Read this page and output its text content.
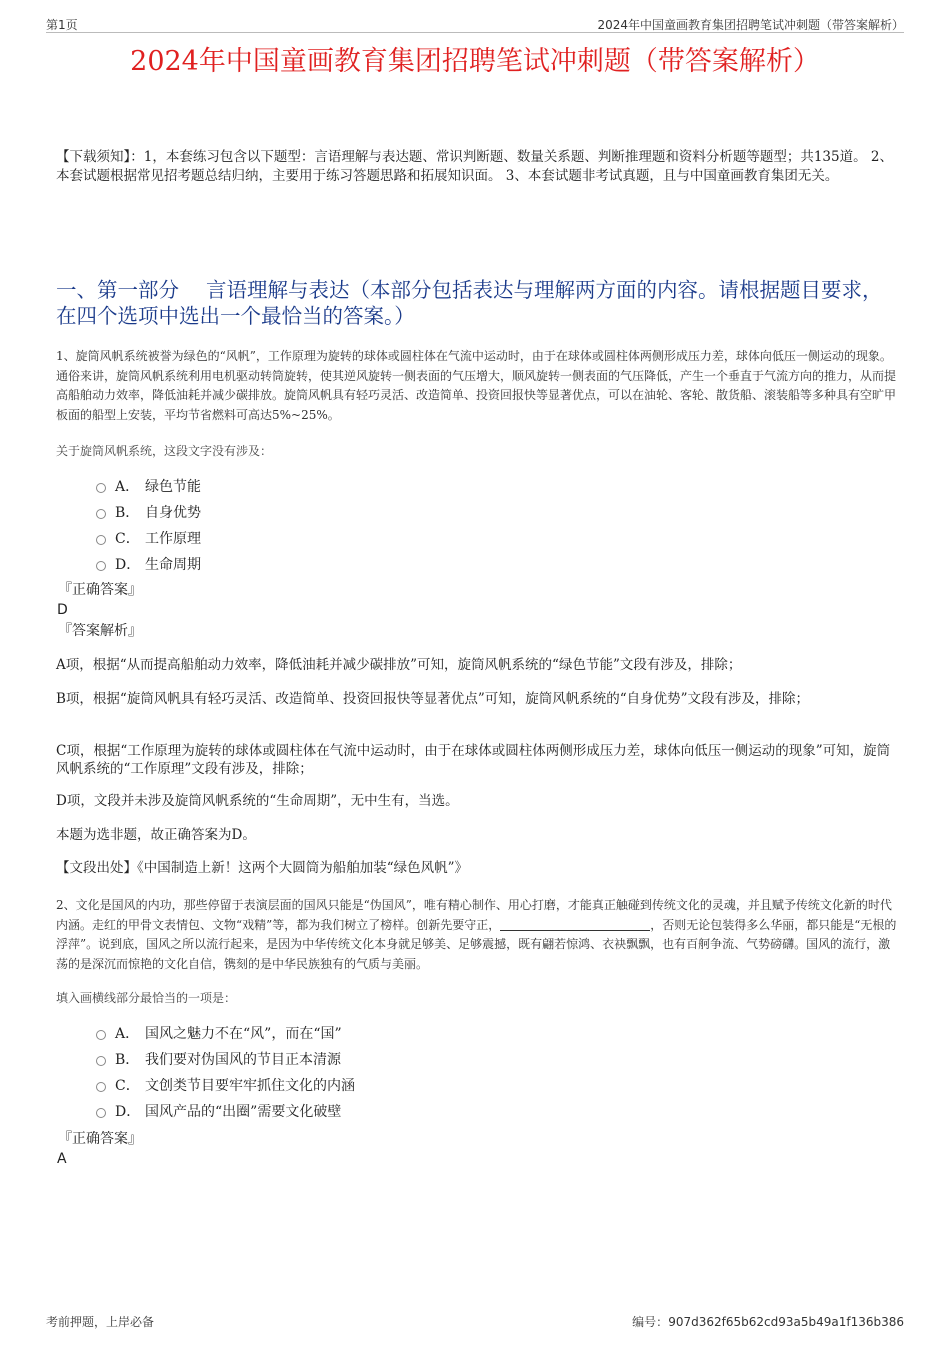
第1页	2024年中国童画教育集团招聘笔试冲刺题（带答案解析）
2024年中国童画教育集团招聘笔试冲刺题（带答案解析）
【下载须知】：1，本套练习包含以下题型：言语理解与表达题、常识判断题、数量关系题、判断推理题和资料分析题等题型；共135道。 2、本套试题根据常见招考题总结归纳，主要用于练习答题思路和拓展知识面。 3、本套试题非考试真题，且与中国童画教育集团无关。
一、第一部分　 言语理解与表达（本部分包括表达与理解两方面的内容。请根据题目要求，在四个选项中选出一个最恰当的答案。）
1、旋筒风帆系统被誉为绿色的“风帆”，工作原理为旋转的球体或圆柱体在气流中运动时，由于在球体或圆柱体两侧形成压力差，球体向低压一侧运动的现象。通俗来讲，旋筒风帆系统利用电机驱动转筒旋转，使其逆风旋转一侧表面的气压增大，顺风旋转一侧表面的气压降低，产生一个垂直于气流方向的推力，从而提高船舶动力效率，降低油耗并减少碳排放。旋筒风帆具有轻巧灵活、改造简单、投资回报快等显著优点，可以在油轮、客轮、散货船、滚装船等多种具有空旷甲板面的船型上安装，平均节省燃料可高达5%~25%。
关于旋筒风帆系统，这段文字没有涉及：
A． 绿色节能
B． 自身优势
C． 工作原理
D． 生命周期
『正确答案』
D
『答案解析』
A项，根据“从而提高船舶动力效率，降低油耗并减少碳排放”可知，旋筒风帆系统的“绿色节能”文段有涉及，排除；
B项，根据“旋筒风帆具有轻巧灵活、改造简单、投资回报快等显著优点”可知，旋筒风帆系统的“自身优势”文段有涉及，排除；
C项，根据“工作原理为旋转的球体或圆柱体在气流中运动时，由于在球体或圆柱体两侧形成压力差，球体向低压一侧运动的现象”可知，旋筒风帆系统的“工作原理”文段有涉及，排除；
D项，文段并未涉及旋筒风帆系统的“生命周期”，无中生有，当选。
本题为选非题，故正确答案为D。
【文段出处】《中国制造上新！这两个大圆筒为船舶加装“绿色风帆”》
2、文化是国风的内功，那些停留于表演层面的国风只能是“伪国风”，唯有精心制作、用心打磨，才能真正触碰到传统文化的灵魂，并且赋予传统文化新的时代内涵。走红的甲骨文表情包、文物“戏精”等，都为我们树立了榜样。创新先要守正，	，否则无论包装得多么华丽，都只能是“无根的浮萍”。说到底，国风之所以流行起来，是因为中华传统文化本身就足够美、足够震撼，既有翩若惊鸿、衣袂飘飘，也有百舸争流、气势磅礴。国风的流行，激荡的是深沉而惊艳的文化自信，镌刻的是中华民族独有的气质与美丽。
填入画横线部分最恰当的一项是：
A． 国风之魅力不在“风”，而在“国”
B． 我们要对伪国风的节目正本清源
C． 文创类节目要牢牢抓住文化的内涵
D． 国风产品的“出圈”需要文化破壁
『正确答案』
A
考前押题，上岸必备	编号：907d362f65b62cd93a5b49a1f136b386
